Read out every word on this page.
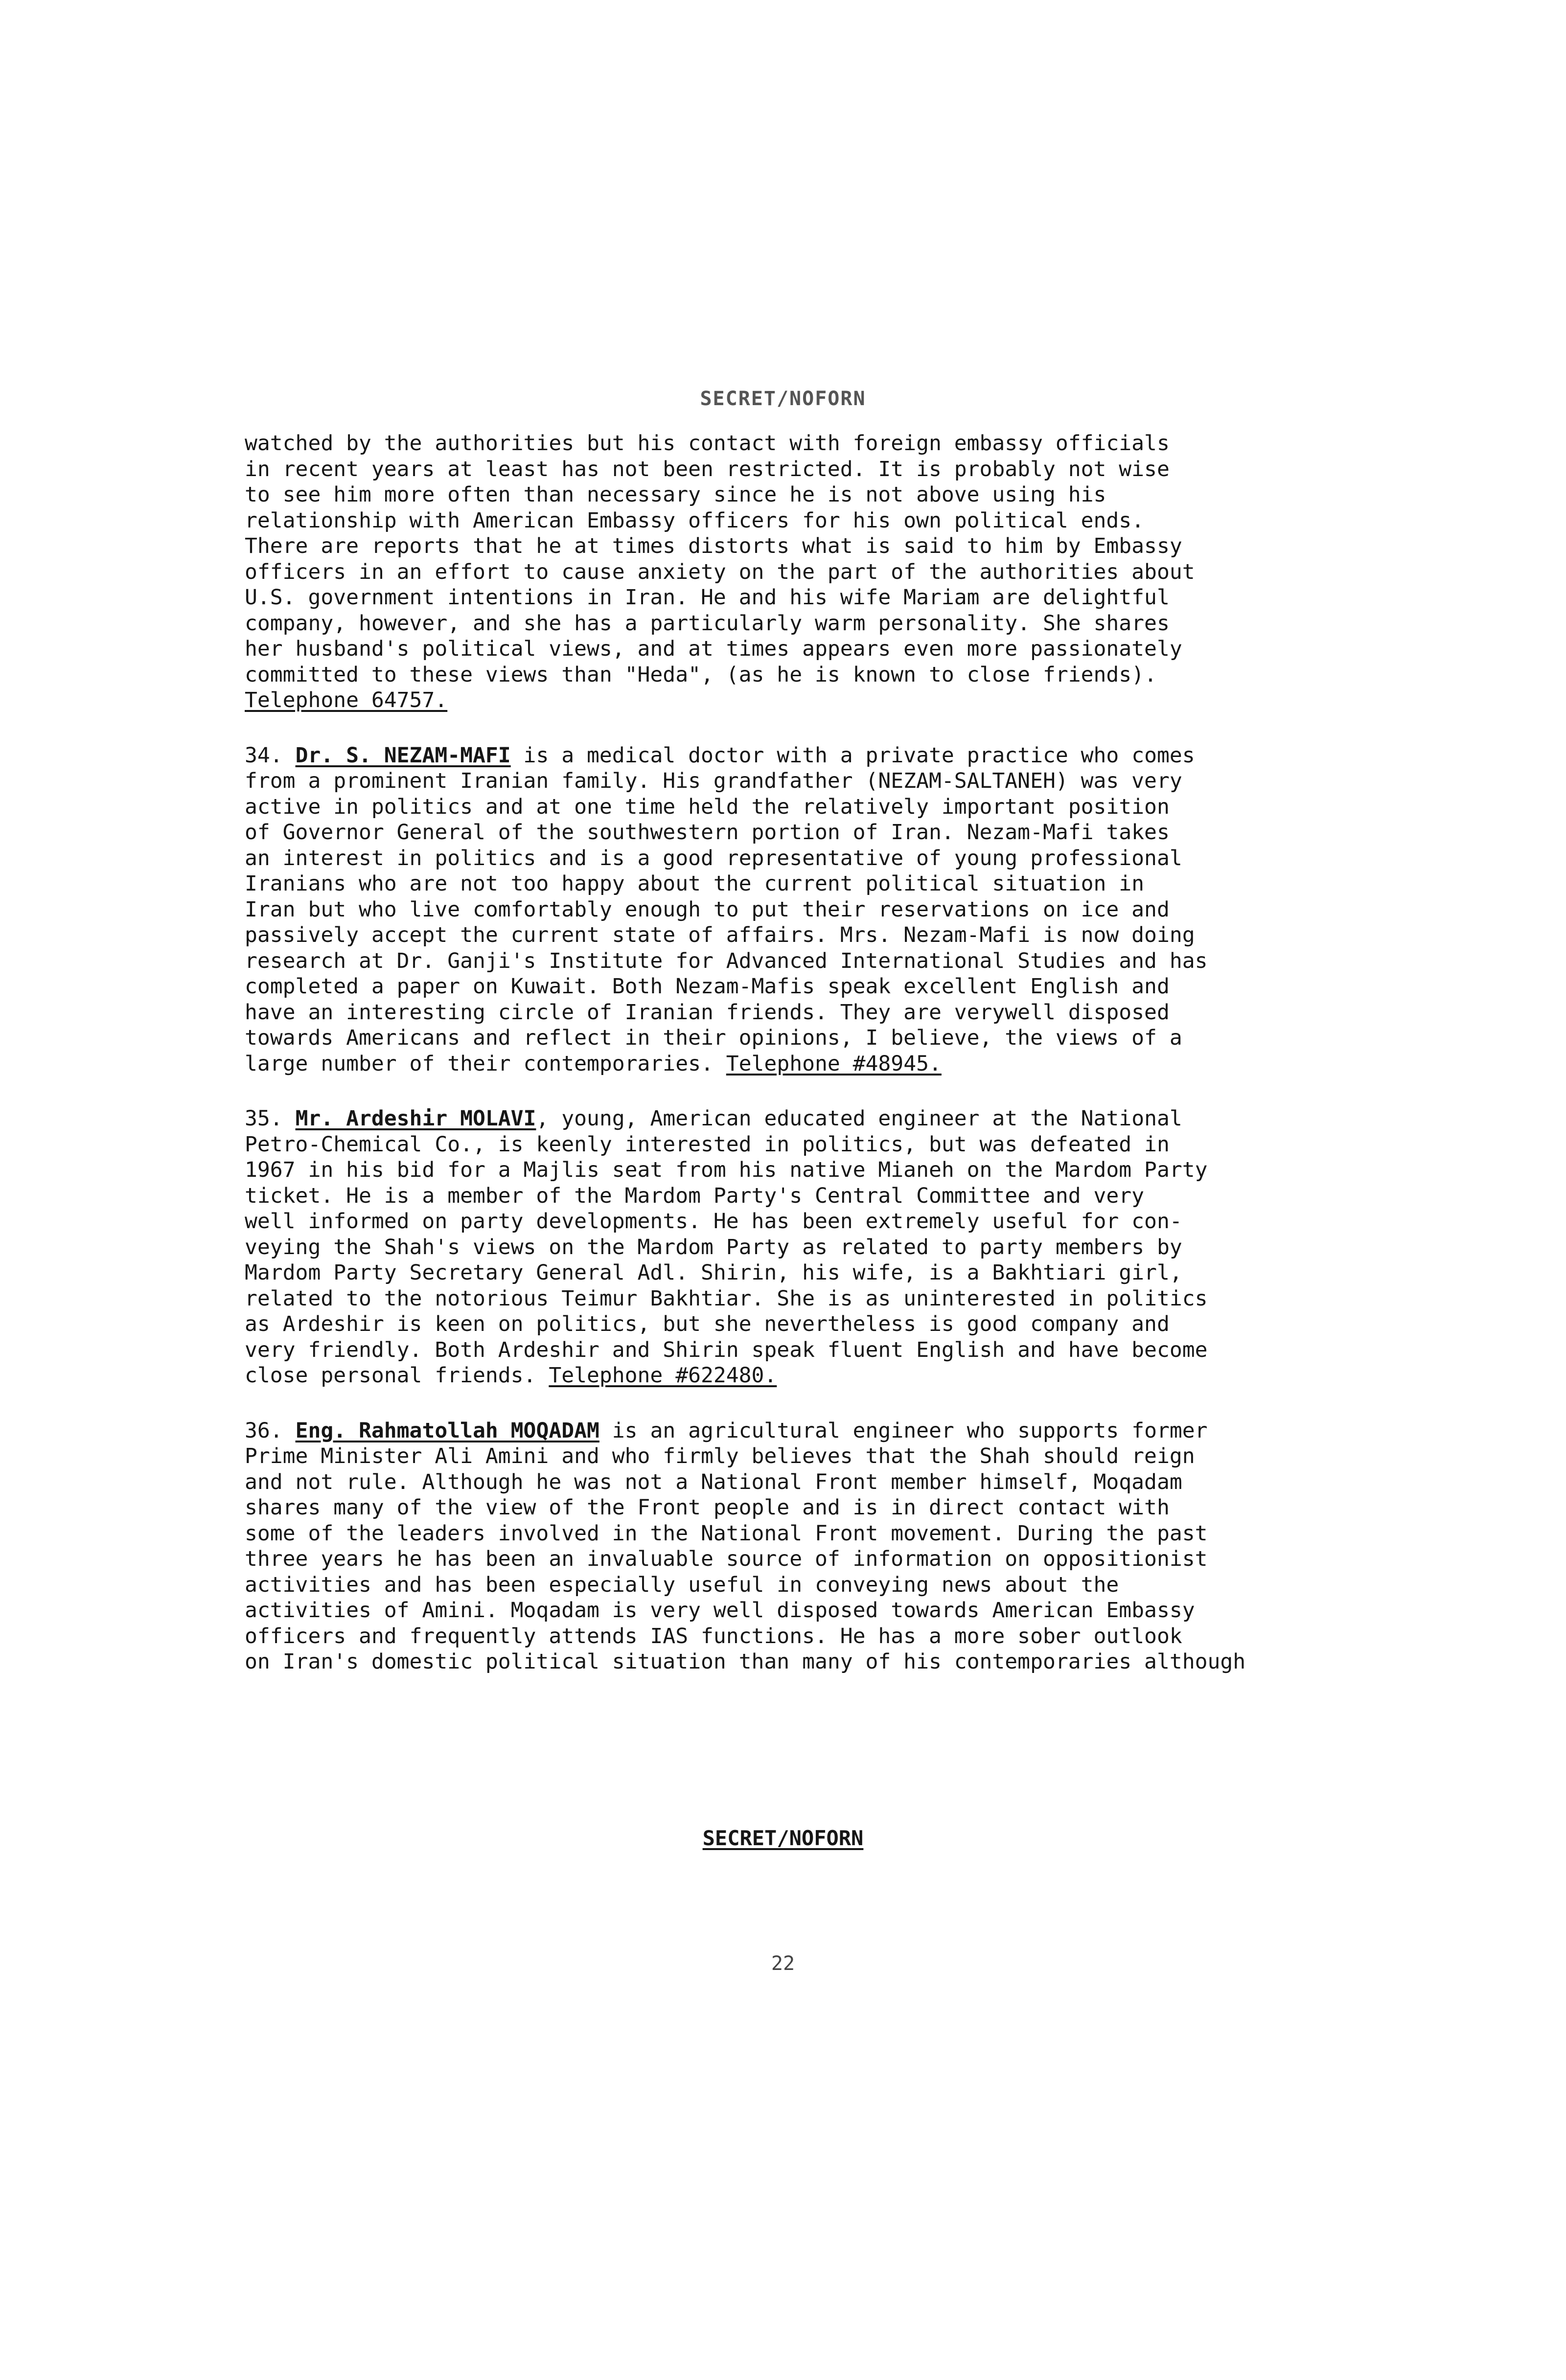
SECRET/NOFORN
watched by the authorities but his contact with foreign embassy officials
in recent years at least has not been restricted. It is probably not wise
to see him more often than necessary since he is not above using his
relationship with American Embassy officers for his own political ends.
There are reports that he at times distorts what is said to him by Embassy
officers in an effort to cause anxiety on the part of the authorities about
U.S. government intentions in Iran. He and his wife Mariam are delightful
company, however, and she has a particularly warm personality. She shares
her husband's political views, and at times appears even more passionately
committed to these views than "Heda", (as he is known to close friends).
Telephone 64757.
34. Dr. S. NEZAM-MAFI is a medical doctor with a private practice who comes
from a prominent Iranian family. His grandfather (NEZAM-SALTANEH) was very
active in politics and at one time held the relatively important position
of Governor General of the southwestern portion of Iran. Nezam-Mafi takes
an interest in politics and is a good representative of young professional
Iranians who are not too happy about the current political situation in
Iran but who live comfortably enough to put their reservations on ice and
passively accept the current state of affairs. Mrs. Nezam-Mafi is now doing
research at Dr. Ganji's Institute for Advanced International Studies and has
completed a paper on Kuwait. Both Nezam-Mafis speak excellent English and
have an interesting circle of Iranian friends. They are verywell disposed
towards Americans and reflect in their opinions, I believe, the views of a
large number of their contemporaries. Telephone #48945.
35. Mr. Ardeshir MOLAVI, young, American educated engineer at the National
Petro-Chemical Co., is keenly interested in politics, but was defeated in
1967 in his bid for a Majlis seat from his native Mianeh on the Mardom Party
ticket. He is a member of the Mardom Party's Central Committee and very
well informed on party developments. He has been extremely useful for con-
veying the Shah's views on the Mardom Party as related to party members by
Mardom Party Secretary General Adl. Shirin, his wife, is a Bakhtiari girl,
related to the notorious Teimur Bakhtiar. She is as uninterested in politics
as Ardeshir is keen on politics, but she nevertheless is good company and
very friendly. Both Ardeshir and Shirin speak fluent English and have become
close personal friends. Telephone #622480.
36. Eng. Rahmatollah MOQADAM is an agricultural engineer who supports former
Prime Minister Ali Amini and who firmly believes that the Shah should reign
and not rule. Although he was not a National Front member himself, Moqadam
shares many of the view of the Front people and is in direct contact with
some of the leaders involved in the National Front movement. During the past
three years he has been an invaluable source of information on oppositionist
activities and has been especially useful in conveying news about the
activities of Amini. Moqadam is very well disposed towards American Embassy
officers and frequently attends IAS functions. He has a more sober outlook
on Iran's domestic political situation than many of his contemporaries although
SECRET/NOFORN
22
